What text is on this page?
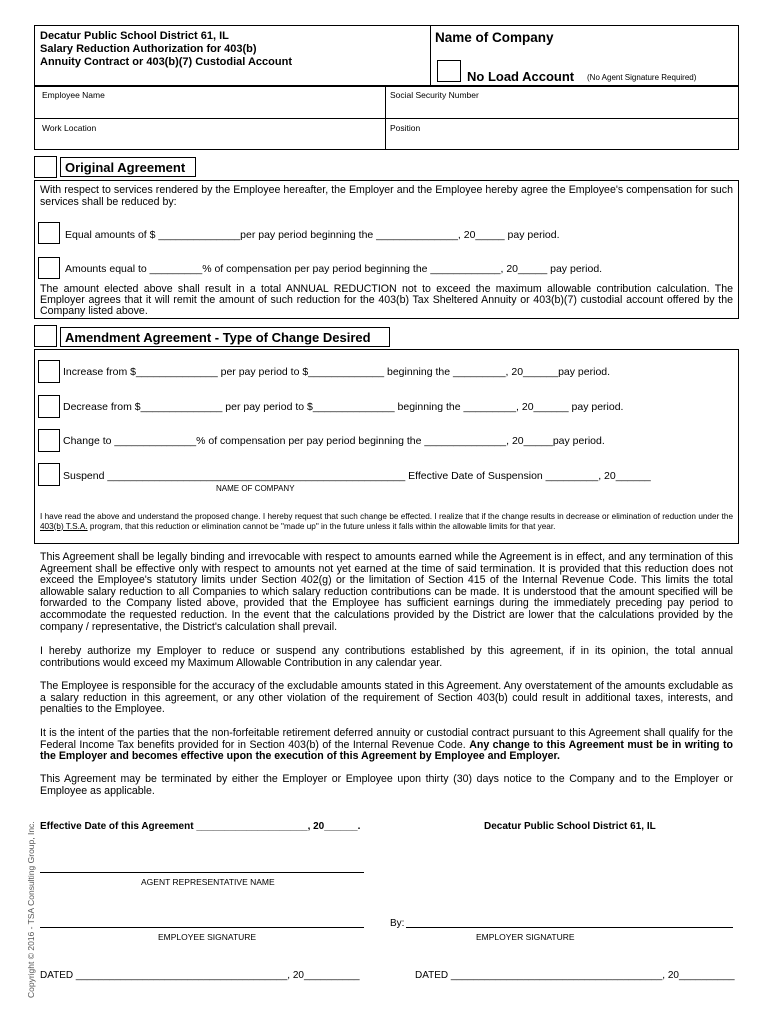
Decatur Public School District 61, IL
Salary Reduction Authorization for 403(b)
Annuity Contract or 403(b)(7) Custodial Account
Name of Company
No Load Account (No Agent Signature Required)
Employee Name	Social Security Number
Work Location	Position
Original Agreement
With respect to services rendered by the Employee hereafter, the Employer and the Employee hereby agree the Employee's compensation for such services shall be reduced by:
Equal amounts of $ ______________per pay period beginning the ______________, 20_____ pay period.
Amounts equal to _________% of compensation per pay period beginning the ____________, 20_____ pay period.
The amount elected above shall result in a total ANNUAL REDUCTION not to exceed the maximum allowable contribution calculation. The Employer agrees that it will remit the amount of such reduction for the 403(b) Tax Sheltered Annuity or 403(b)(7) custodial account offered by the Company listed above.
Amendment Agreement - Type of Change Desired
Increase from $______________ per pay period to $_____________ beginning the _________, 20______pay period.
Decrease from $______________ per pay period to $______________ beginning the _________, 20______ pay period.
Change to ______________% of compensation per pay period beginning the ______________, 20_____pay period.
Suspend ___________________________________________________ Effective Date of Suspension _________, 20______
NAME OF COMPANY
I have read the above and understand the proposed change. I hereby request that such change be effected. I realize that if the change results in decrease or elimination of reduction under the 403(b) T.S.A. program, that this reduction or elimination cannot be "made up" in the future unless it falls within the allowable limits for that year.
This Agreement shall be legally binding and irrevocable with respect to amounts earned while the Agreement is in effect, and any termination of this Agreement shall be effective only with respect to amounts not yet earned at the time of said termination. It is provided that this reduction does not exceed the Employee's statutory limits under Section 402(g) or the limitation of Section 415 of the Internal Revenue Code. This limits the total allowable salary reduction to all Companies to which salary reduction contributions can be made. It is understood that the amount specified will be forwarded to the Company listed above, provided that the Employee has sufficient earnings during the immediately preceding pay period to accommodate the requested reduction. In the event that the calculations provided by the District are lower that the calculations provided by the company / representative, the District's calculation shall prevail.
I hereby authorize my Employer to reduce or suspend any contributions established by this agreement, if in its opinion, the total annual contributions would exceed my Maximum Allowable Contribution in any calendar year.
The Employee is responsible for the accuracy of the excludable amounts stated in this Agreement. Any overstatement of the amounts excludable as a salary reduction in this agreement, or any other violation of the requirement of Section 403(b) could result in additional taxes, interests, and penalties to the Employee.
It is the intent of the parties that the non-forfeitable retirement deferred annuity or custodial contract pursuant to this Agreement shall qualify for the Federal Income Tax benefits provided for in Section 403(b) of the Internal Revenue Code. Any change to this Agreement must be in writing to the Employer and becomes effective upon the execution of this Agreement by Employee and Employer.
This Agreement may be terminated by either the Employer or Employee upon thirty (30) days notice to the Company and to the Employer or Employee as applicable.
Effective Date of this Agreement ____________________, 20______.	Decatur Public School District 61, IL
AGENT REPRESENTATIVE NAME
EMPLOYEE SIGNATURE
By:
EMPLOYER SIGNATURE
DATED ______________________________________, 20__________	DATED ______________________________________, 20__________
Copyright © 2016 - TSA Consulting Group, Inc.
